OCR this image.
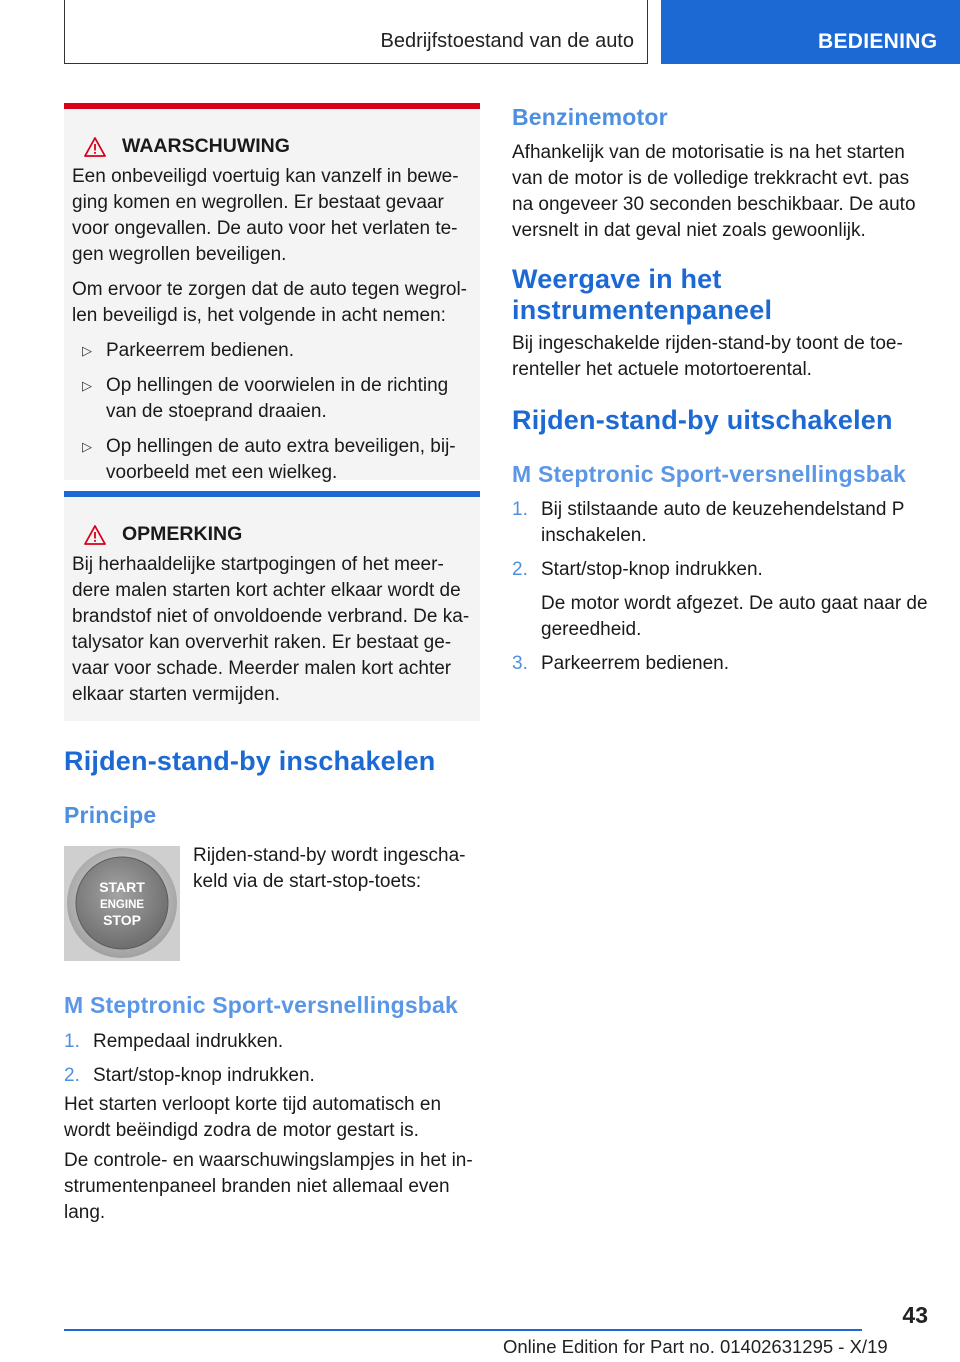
Bedrijfstoestand van de auto	BEDIENING
WAARSCHUWING

Een onbeveiligd voertuig kan vanzelf in bewe-ging komen en wegrollen. Er bestaat gevaar voor ongevallen. De auto voor het verlaten te-gen wegrollen beveiligen.

Om ervoor te zorgen dat de auto tegen wegrol-len beveiligd is, het volgende in acht nemen:

▷ Parkeerrem bedienen.
▷ Op hellingen de voorwielen in de richting van de stoeprand draaien.
▷ Op hellingen de auto extra beveiligen, bij-voorbeeld met een wielkeg.
OPMERKING

Bij herhaaldelijke startpogingen of het meer-dere malen starten kort achter elkaar wordt de brandstof niet of onvoldoende verbrand. De ka-talysator kan oververhit raken. Er bestaat ge-vaar voor schade. Meerder malen kort achter elkaar starten vermijden.

Rijden-stand-by inschakelen
Principe

Rijden-stand-by wordt ingescha-keld via de start-stop-toets:

START
ENGINE
STOP
M Steptronic Sport-versnellingsbak
1. Rempedaal indrukken.
2. Start/stop-knop indrukken.

Het starten verloopt korte tijd automatisch en wordt beëindigd zodra de motor gestart is.

De controle- en waarschuwingslampjes in het in-strumentenpaneel branden niet allemaal even lang.

Benzinemotor

Afhankelijk van de motorisatie is na het starten van de motor is de volledige trekkracht evt. pas na ongeveer 30 seconden beschikbaar. De auto versnelt in dat geval niet zoals gewoonlijk.

Weergave in het instrumentenpaneel

Bij ingeschakelde rijden-stand-by toont de toe-renteller het actuele motortoerental.

Rijden-stand-by uitschakelen
M Steptronic Sport-versnellingsbak
1. Bij stilstaande auto de keuzehendelstand P inschakelen.
2. Start/stop-knop indrukken.
De motor wordt afgezet. De auto gaat naar de gereedheid.
3. Parkeerrem bedienen.
43
Online Edition for Part no. 01402631295 - X/19
